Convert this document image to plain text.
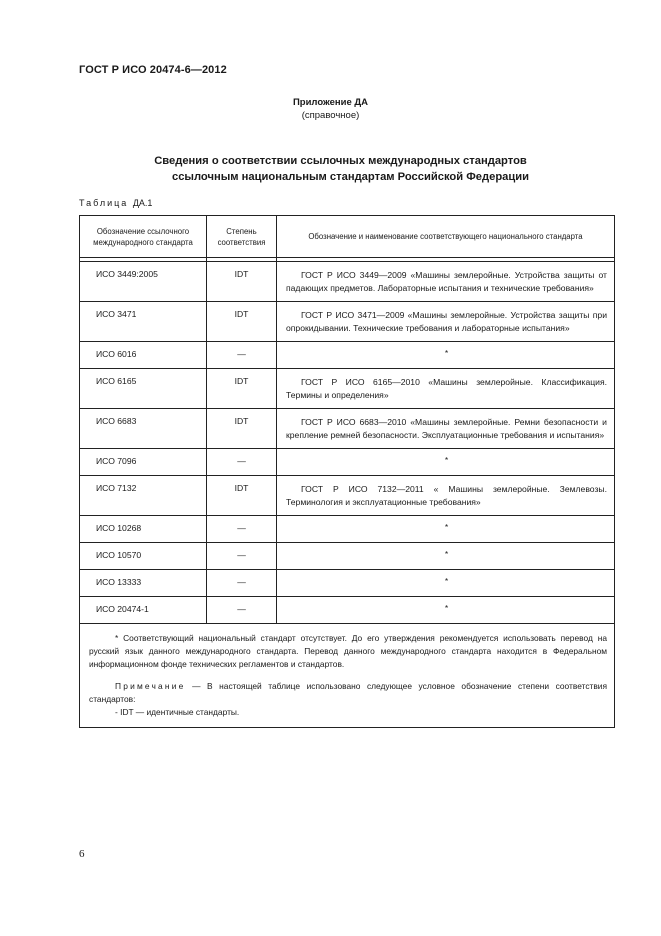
ГОСТ Р ИСО 20474-6—2012
Приложение ДА
(справочное)
Сведения о соответствии ссылочных международных стандартов
ссылочным национальным стандартам Российской Федерации
Таблица ДА.1
Обозначение ссылочного международного стандарта	Степень соответствия	Обозначение и наименование соответствующего национального стандарта

ИСО 3449:2005	IDT	ГОСТ Р ИСО 3449—2009 «Машины землеройные. Устройства защиты от падающих предметов. Лабораторные испытания и технические требования»
ИСО 3471	IDT	ГОСТ Р ИСО 3471—2009 «Машины землеройные. Устройства защиты при опрокидывании. Технические требования и лабораторные испытания»
ИСО 6016	—	*
ИСО 6165	IDT	ГОСТ Р ИСО 6165—2010 «Машины землеройные. Классификация. Термины и определения»
ИСО 6683	IDT	ГОСТ Р ИСО 6683—2010 «Машины землеройные. Ремни безопасности и крепление ремней безопасности. Эксплуатационные требования и испытания»
ИСО 7096	—	*
ИСО 7132	IDT	ГОСТ Р ИСО 7132—2011 « Машины землеройные. Землевозы. Терминология и эксплуатационные требования»
ИСО 10268	—	*
ИСО 10570	—	*
ИСО 13333	—	*
ИСО 20474-1	—	*

* Соответствующий национальный стандарт отсутствует. До его утверждения рекомендуется использовать перевод на русский язык данного международного стандарта. Перевод данного международного стандарта находится в Федеральном информационном фонде технических регламентов и стандартов.

Примечание — В настоящей таблице использовано следующее условное обозначение степени соответствия стандартов:

- IDT — идентичные стандарты.		

6
